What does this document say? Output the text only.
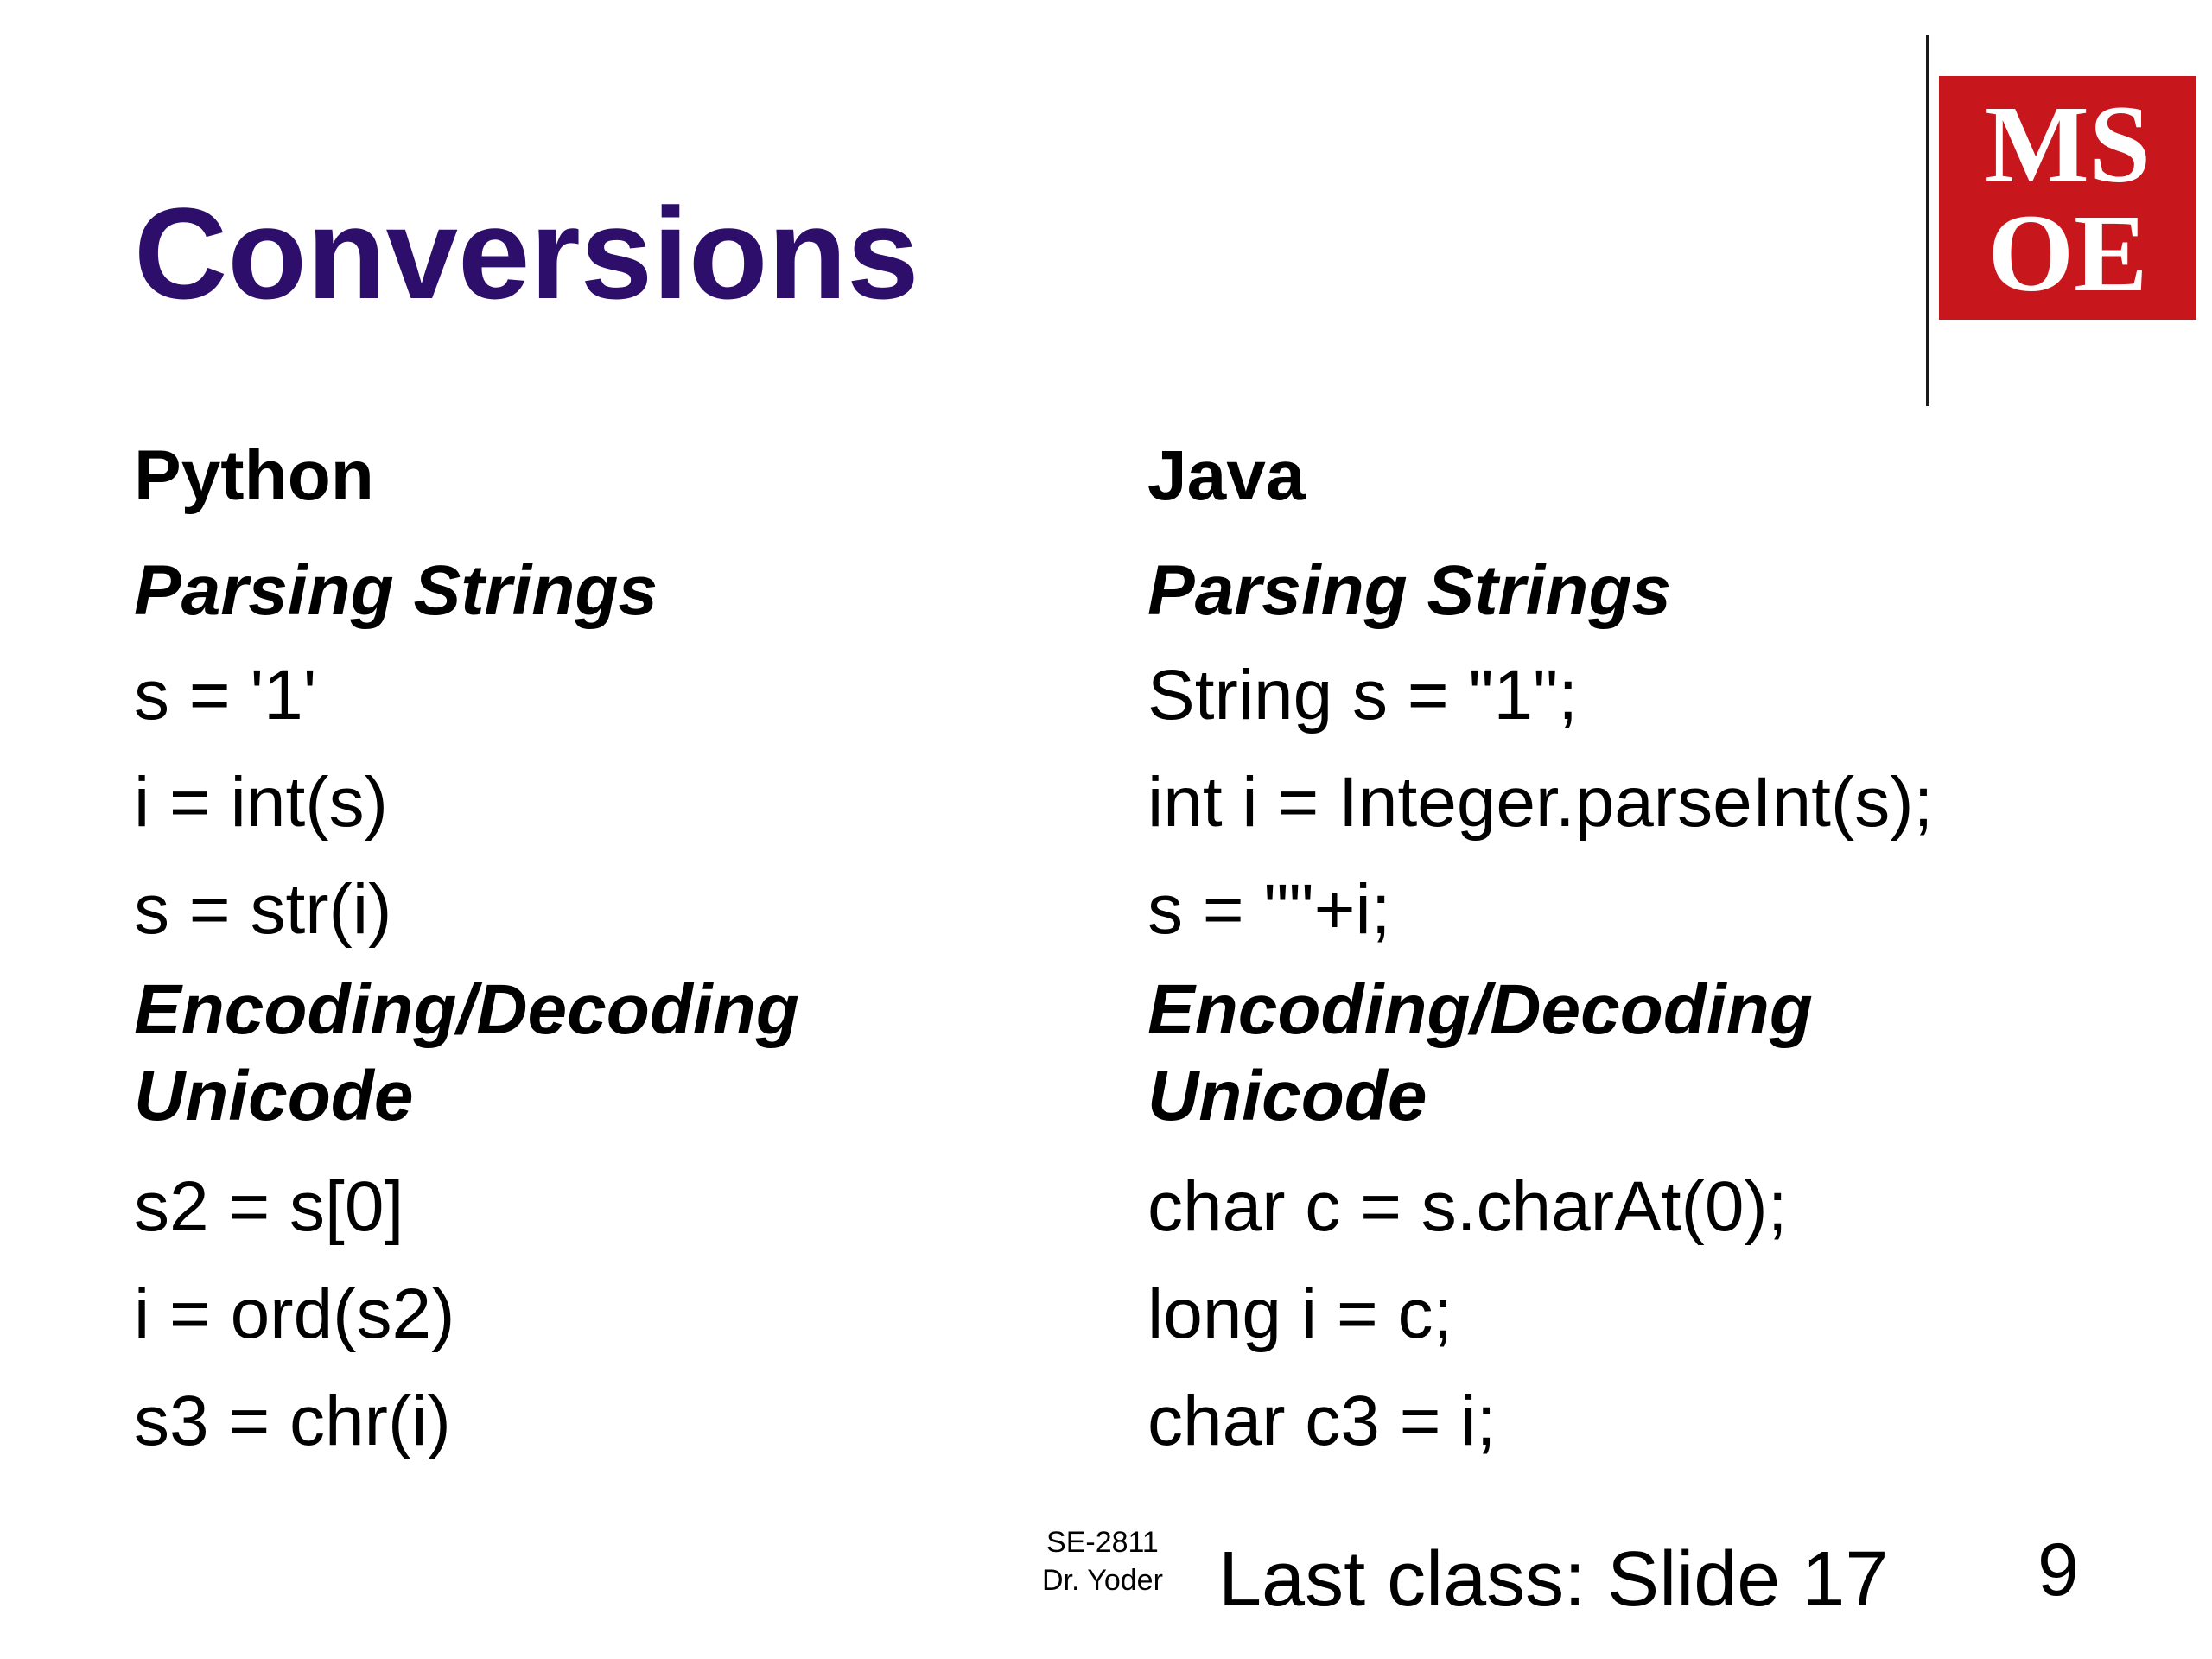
Conversions
MS
OE
Python
Parsing Strings
s = '1'
i = int(s)
s = str(i)
Encoding/Decoding
Unicode
s2 = s[0]
i = ord(s2)
s3 = chr(i)
Java
Parsing Strings
String s = "1";
int i = Integer.parseInt(s);
s = ""+i;
Encoding/Decoding
Unicode
char c = s.charAt(0);
long i = c;
char c3 = i;
SE-2811
Dr. Yoder Last class: Slide 17 9
